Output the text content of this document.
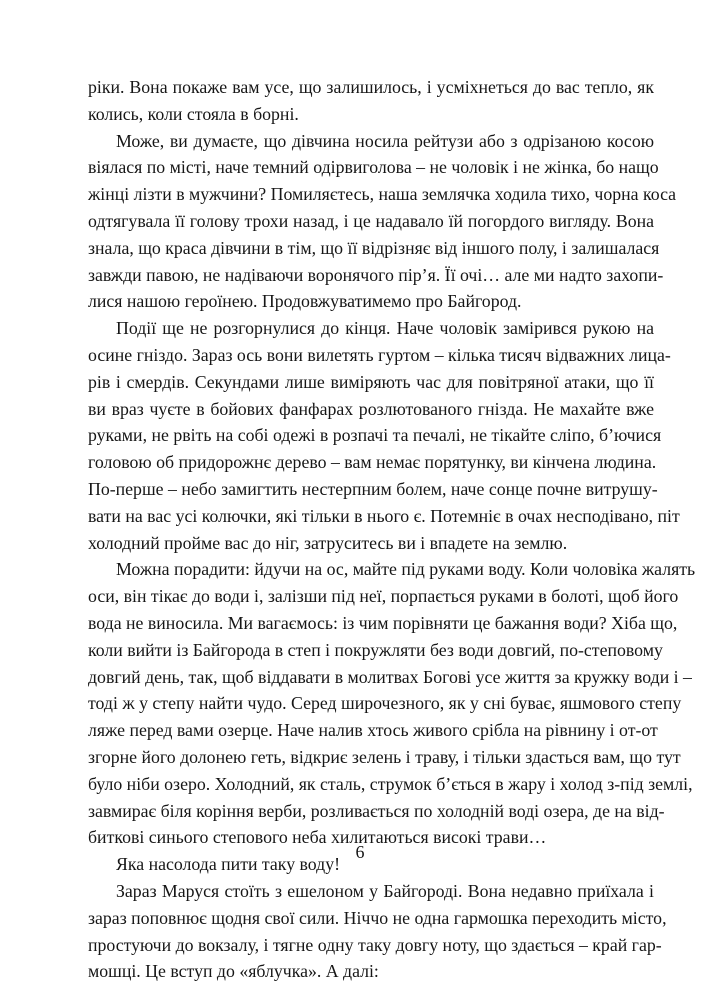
ріки. Вона покаже вам усе, що залишилось, і усміхнеться до вас тепло, як
колись, коли стояла в борні.

Може, ви думаєте, що дівчина носила рейтузи або з одрізаною косою
віялася по місті, наче темний одірвиголова – не чоловік і не жінка, бо нащо
жінці лізти в мужчини? Помиляєтесь, наша землячка ходила тихо, чорна коса
одтягувала її голову трохи назад, і це надавало їй погордого вигляду. Вона
знала, що краса дівчини в тім, що її відрізняє від іншого полу, і залишалася
завжди павою, не надіваючи воронячого пір’я. Її очі… але ми надто захопи-
лися нашою героїнею. Продовжуватимемо про Байгород.

Події ще не розгорнулися до кінця. Наче чоловік замірився рукою на
осине гніздо. Зараз ось вони вилетять гуртом – кілька тисяч відважних лица-
рів і смердів. Секундами лише виміряють час для повітряної атаки, що її
ви враз чуєте в бойових фанфарах розлютованого гнізда. Не махайте вже
руками, не рвіть на собі одежі в розпачі та печалі, не тікайте сліпо, б’ючися
головою об придорожнє дерево – вам немає порятунку, ви кінчена людина.
По-перше – небо замигтить нестерпним болем, наче сонце почне витрушу-
вати на вас усі колючки, які тільки в нього є. Потемніє в очах несподівано, піт
холодний пройме вас до ніг, затруситесь ви і впадете на землю.

Можна порадити: йдучи на ос, майте під руками воду. Коли чоловіка жалять
оси, він тікає до води і, залізши під неї, порпається руками в болоті, щоб його
вода не виносила. Ми вагаємось: із чим порівняти це бажання води? Хіба що,
коли вийти із Байгорода в степ і покружляти без води довгий, по-степовому
довгий день, так, щоб віддавати в молитвах Богові усе життя за кружку води і –
тоді ж у степу найти чудо. Серед широчезного, як у сні буває, яшмового степу
ляже перед вами озерце. Наче налив хтось живого срібла на рівнину і от-от
згорне його долонею геть, відкриє зелень і траву, і тільки здасться вам, що тут
було ніби озеро. Холодний, як сталь, струмок б’ється в жару і холод з-під землі,
завмирає біля коріння верби, розливається по холодній воді озера, де на від-
биткові синього степового неба хилитаються високі трави…

Яка насолода пити таку воду!

Зараз Маруся стоїть з ешелоном у Байгороді. Вона недавно приїхала і
зараз поповнює щодня свої сили. Ніччо не одна гармошка переходить місто,
простуючи до вокзалу, і тягне одну таку довгу ноту, що здається – край гар-
мошці. Це вступ до «яблучка». А далі:

6
